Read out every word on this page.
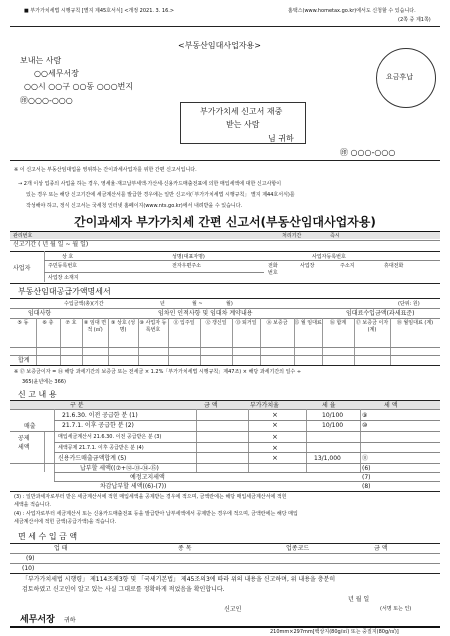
■ 부가가치세법 시행규칙 [별지 제45호서식] <개정 2021. 3. 16.>	홈택스(www.hometax.go.kr)에서도 신청할 수 있습니다.
(2쪽 중 제1쪽)
<부동산임대사업자용>
보내는 사람
○○세무서장
○○시 ○○구 ○○동 ○○○번지
㊞○○○-○○○
요금후납
부가가치세 신고서 재중
받는 사람
님 귀하
㊞ ○○○-○○○
※ 이 신고서는 부동산임대업을 영위하는 간이과세사업자를 위한 간편 신고서입니다.
→ 2개 이상 업종의 사업을 하는 경우, 영세율·재고납부세액·가산세·신용카드매출전표에 의한 매입세액에 대한 신고사항이
있는 경우 또는 해당 신고기간에 세금계산서를 발급한 경우에는 일반 신고서(「부가가치세법 시행규칙」 별지 제44호서식)를
작성해야 하고, 정식 신고서는 국세청 인터넷 홈페이지(www.nts.go.kr)에서 내려받을 수 있습니다.
간이과세자 부가가치세 간편 신고서(부동산임대사업자용)
관리번호	처리기간	즉시
신고기간 ( 년 월 일 ~ 월 일)
사업자
상 호	성명(대표자명)	사업자등록번호
주민등록번호	전자우편주소	전화
번호
사업장	주소지	휴대전화
사업장 소재지
부동산임대공급가액명세서
수입금액(총)(기간	년	월 ~	월)	(단위: 원)
임대사항	임차인 인적사항 및 임대차 계약내용	임대료수입금액(과세표준)
⑤ 동	⑥ 층	⑦ 호	⑧ 임대 면적 (㎡)
⑨ 상호 (성명)
⑩ 사업자 등록번호
⑪ 입주일	⑫ 갱신일	⑬ 퇴거일	⑭ 보증금	⑮ 월 임대료	⑯ 합계	⑰ 보증금 이자(계)
⑱ 월임대료 (계)
합계
※ ⑰ 보증금이자 = ⑭ 해당 과세기간의 보증금 또는 전세금 × 1.2%「부가가치세법 시행규칙」제47조) × 해당 과세기간의 일수 ÷
365(윤년에는 366)
신 고 내 용
구 분	금 액	부가가치율	세 율	세 액
매출
21.6.30. 이전 공급한 분 (1)	×	10/100	⑨
21.7.1. 이후 공급한 분 (2)	×	10/100	⑩
공제세액
매입세금계산서 21.6.30. 이전 공급받은 분 (3)	×
세액공제 21.7.1. 이후 공급받은 분 (4)	×
신용카드매출금액합계 (5)	×	13/1,000	⑪
납부할 세액((⑦+⑫-⑬-⑭-⑮)	(6)
예정고지세액	(7)
차감납부할 세액((6)-(7))	(8)
(3) : 일반과세자로부터 받은 세금계산서에 적힌 매입세액을 공제받는 경우에 적으며, 금액란에는 해당 매입세금계산서에 적힌
세액을 적습니다.
(4) : 사업자로부터 세금계산서 또는 신용카드매출전표 등을 발급받아 납부세액에서 공제받는 경우에 적으며, 금액란에는 해당 매입
세금계산서에 적힌 금액(공급가액)을 적습니다.
면 세 수 입 금 액
업 태	종 목	업종코드	금 액
(9)
(10)
「부가가치세법 시행령」 제114조제3항 및 「국세기본법」 제45조의3에 따라 위의 내용을 신고하며, 위 내용을 충분히
검토하였고 신고인이 알고 있는 사실 그대로를 정확하게 적었음을 확인합니다.
년 월 일
신고인	(서명 또는 인)
세무서장 귀하
210mm×297mm[백상지(80g/㎡) 또는 중질지(80g/㎡)]
